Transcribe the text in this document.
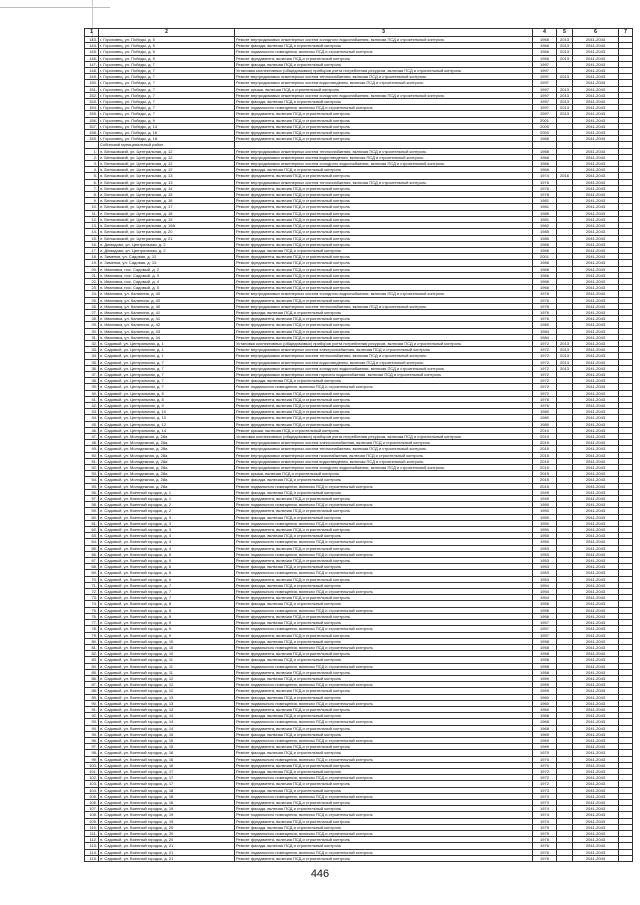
1	2	3	4	5	6	7
143.	г. Гороховец, ул. Победы, д. 5	Ремонт внутридомовых инженерных систем холодного водоснабжения, включая ПСД и строительный контроль	1966	2013	2041-2043	
144.	г. Гороховец, ул. Победы, д. 5	Ремонт фасада, включая ПСД и строительный контроль	1966	2013	2041-2043	
145.	г. Гороховец, ул. Победы, д. 5	Ремонт подвального помещения, включая ПСД и строительный контроль	1966	2013	2041-2043	
146.	г. Гороховец, ул. Победы, д. 5	Ремонт фундамента, включая ПСД и строительный контроль	1966	2013	2041-2043	
147.	г. Гороховец, ул. Победы, д. 7	Ремонт фасада, включая ПСД и строительный контроль	1997		2041-2043	
148.	г. Гороховец, ул. Победы, д. 7	Установка коллективных (общедомовых) приборов учета потребления ресурсов, включая ПСД и строительный контроль	1997		2041-2043	
149.	г. Гороховец, ул. Победы, д. 7	Ремонт внутридомовых инженерных систем теплоснабжения, включая ПСД и строительный контроль	1997	2013	2041-2043	
150.	г. Гороховец, ул. Победы, д. 7	Ремонт внутридомовых инженерных систем водоотведения, включая ПСД и строительный контроль	1997		2041-2043	
151.	г. Гороховец, ул. Победы, д. 7	Ремонт крыши, включая ПСД и строительный контроль	1997	2013	2041-2043	
152.	г. Гороховец, ул. Победы, д. 7	Ремонт внутридомовых инженерных систем холодного водоснабжения, включая ПСД и строительный контроль	1997	2013	2041-2043	
153.	г. Гороховец, ул. Победы, д. 7	Ремонт фасада, включая ПСД и строительный контроль	1997	2013	2041-2043	
154.	г. Гороховец, ул. Победы, д. 7	Ремонт подвального помещения, включая ПСД и строительный контроль	1997	2013	2041-2043	
155.	г. Гороховец, ул. Победы, д. 7	Ремонт фундамента, включая ПСД и строительный контроль	1997	2013	2041-2043	
156.	г. Гороховец, ул. Победы, д. 9	Ремонт фундамента, включая ПСД и строительный контроль	2001		2041-2043	
157.	г. Гороховец, ул. Победы, д. 14	Ремонт фундамента, включая ПСД и строительный контроль	2000		2041-2043	
158.	г. Гороховец, ул. Победы, д. 16	Ремонт фундамента, включая ПСД и строительный контроль	2000		2041-2043	
159.	г. Гороховец, ул. Победы, д. 18	Ремонт фундамента, включая ПСД и строительный контроль	1966		2041-2043	
	Собинский муниципальный район					
1.	п. Бельковский, ул. Центральная, д. 12	Ремонт внутридомовых инженерных систем теплоснабжения, включая ПСД и строительный контроль	1966		2041-2043	
2.	п. Бельковский, ул. Центральная, д. 12	Ремонт внутридомовых инженерных систем водоотведения, включая ПСД и строительный контроль	1966		2041-2043	
3.	п. Бельковский, ул. Центральная, д. 12	Ремонт внутридомовых инженерных систем холодного водоснабжения, включая ПСД и строительный контроль	1966		2041-2043	
4.	п. Бельковский, ул. Центральная, д. 12	Ремонт фасада, включая ПСД и строительный контроль	1966		2041-2043	
5.	п. Бельковский, ул. Центральная, д. 13	Ремонт фундамента, включая ПСД и строительный контроль	1974	2016	2041-2043	
6.	п. Бельковский, ул. Центральная, д. 13	Ремонт внутридомовых инженерных систем теплоснабжения, включая ПСД и строительный контроль	1976		2041-2043	
7.	п. Бельковский, ул. Центральная, д. 14	Ремонт фундамента, включая ПСД и строительный контроль	1976		2041-2043	
8.	п. Бельковский, ул. Центральная, д. 15	Ремонт фундамента, включая ПСД и строительный контроль	1978		2041-2043	
9.	п. Бельковский, ул. Центральная, д. 16	Ремонт фундамента, включая ПСД и строительный контроль	1981		2041-2043	
10.	п. Бельковский, ул. Центральная, д. 17	Ремонт фундамента, включая ПСД и строительный контроль	1981		2041-2043	
11.	п. Бельковский, ул. Центральная, д. 18	Ремонт фундамента, включая ПСД и строительный контроль	1985		2041-2043	
12.	п. Бельковский, ул. Центральная, д. 19	Ремонт фундамента, включая ПСД и строительный контроль	1981		2041-2043	
13.	п. Бельковский, ул. Центральная, д. 19А	Ремонт фундамента, включая ПСД и строительный контроль	1982		2041-2043	
14.	п. Бельковский, ул. Центральная, д. 20	Ремонт фундамента, включая ПСД и строительный контроль	1985		2041-2043	
15.	п. Бельковский, ул. Центральная, д. 21	Ремонт фундамента, включая ПСД и строительный контроль	1985		2041-2043	
16.	п. Демидово, ул. Центральная, д. 2	Ремонт фундамента, включая ПСД и строительный контроль	1966		2041-2043	
17.	п. Демидово, ул. Центральная, д. 2	Ремонт фасада, включая ПСД и строительный контроль	1966		2041-2043	
18.	п. Зименки, ул. Садовая, д. 12	Ремонт фундамента, включая ПСД и строительный контроль	2001		2041-2043	
19.	п. Зименки, ул. Садовая, д. 13	Ремонт фундамента, включая ПСД и строительный контроль	1966		2041-2043	
20.	п. Ивановка, пос. Садовый, д. 2	Ремонт фундамента, включая ПСД и строительный контроль	1966		2041-2043	
21.	п. Ивановка, пос. Садовый, д. 3	Ремонт фундамента, включая ПСД и строительный контроль	1966		2041-2043	
22.	п. Ивановка, пос. Садовый, д. 4	Ремонт фундамента, включая ПСД и строительный контроль	1966		2041-2043	
23.	п. Ивановка, пос. Садовый, д. 5	Ремонт фундамента, включая ПСД и строительный контроль	1966		2041-2043	
24.	п. Ивановка, ул. Калинина, д. 40	Ремонт внутридомовых инженерных систем холодного водоснабжения, включая ПСД и строительный контроль	1976		2041-2043	
25.	п. Ивановка, ул. Калинина, д. 40	Ремонт фундамента, включая ПСД и строительный контроль	1976		2041-2043	
26.	п. Ивановка, ул. Калинина, д. 40	Ремонт внутридомовых инженерных систем теплоснабжения, включая ПСД и строительный контроль	1976		2041-2043	
27.	п. Ивановка, ул. Калинина, д. 41	Ремонт фасада, включая ПСД и строительный контроль	1976		2041-2043	
28.	п. Ивановка, ул. Калинина, д. 41	Ремонт фундамента, включая ПСД и строительный контроль	1976		2041-2043	
29.	п. Ивановка, ул. Калинина, д. 42	Ремонт фундамента, включая ПСД и строительный контроль	1980		2041-2043	
30.	п. Ивановка, ул. Калинина, д. 43	Ремонт фундамента, включая ПСД и строительный контроль	1984		2041-2043	
31.	п. Ивановка, ул. Калинина, д. 44	Ремонт фундамента, включая ПСД и строительный контроль	1984		2041-2043	
32.	п. Садовый, ул. Центральная, д. 1	Установка коллективных (общедомовых) приборов учета потребления ресурсов, включая ПСД и строительный контроль	1972	2013	2041-2043	
33.	п. Садовый, ул. Центральная, д. 1	Ремонт внутридомовых инженерных систем электроснабжения, включая ПСД и строительный контроль	1972	2013	2041-2043	
34.	п. Садовый, ул. Центральная, д. 1	Ремонт внутридомовых инженерных систем теплоснабжения, включая ПСД и строительный контроль	1972	2013	2041-2043	
35.	п. Садовый, ул. Центральная, д. 7	Ремонт внутридомовых инженерных систем водоотведения, включая ПСД и строительный контроль	1972	2013	2041-2043	
36.	п. Садовый, ул. Центральная, д. 7	Ремонт внутридомовых инженерных систем холодного водоснабжения, включая ПСД и строительный контроль	1972	2013	2041-2043	
37.	п. Садовый, ул. Центральная, д. 7	Ремонт внутридомовых инженерных систем горячего водоснабжения, включая ПСД и строительный контроль	1972		2041-2043	
38.	п. Садовый, ул. Центральная, д. 7	Ремонт фасада, включая ПСД и строительный контроль	1972		2041-2043	
39.	п. Садовый, ул. Центральная, д. 7	Ремонт подвального помещения, включая ПСД и строительный контроль	1972		2041-2043	
40.	п. Садовый, ул. Центральная, д. 8	Ремонт фундамента, включая ПСД и строительный контроль	1972		2041-2043	
41.	п. Садовый, ул. Центральная, д. 8	Ремонт фундамента, включая ПСД и строительный контроль	1976		2041-2043	
42.	п. Садовый, ул. Центральная, д. 9	Ремонт фундамента, включая ПСД и строительный контроль	1976		2041-2043	
43.	п. Садовый, ул. Центральная, д. 10	Ремонт фундамента, включая ПСД и строительный контроль	1980		2041-2043	
44.	п. Садовый, ул. Центральная, д. 10	Ремонт фундамента, включая ПСД и строительный контроль	1980		2041-2043	
45.	п. Садовый, ул. Центральная, д. 12	Ремонт фундамента, включая ПСД и строительный контроль	1980		2041-2043	
46.	п. Садовый, ул. Центральная, д. 14	Ремонт крыши, включая ПСД и строительный контроль	2010		2041-2043	
47.	п. Садовый, ул. Молодежная, д. 28а	Установка коллективных (общедомовых) приборов учета потребления ресурсов, включая ПСД и строительный контроль	2010		2041-2043	
48.	п. Садовый, ул. Молодежная, д. 28а	Ремонт внутридомовых инженерных систем электроснабжения, включая ПСД и строительный контроль	2015		2041-2043	
49.	п. Садовый, ул. Молодежная, д. 28а	Ремонт внутридомовых инженерных систем теплоснабжения, включая ПСД и строительный контроль	2015		2041-2043	
50.	п. Садовый, ул. Молодежная, д. 28а	Ремонт внутридомовых инженерных систем газоснабжения, включая ПСД и строительный контроль	2015		2041-2043	
51.	п. Садовый, ул. Молодежная, д. 28а	Ремонт внутридомовых инженерных систем водоотведения, включая ПСД и строительный контроль	2015		2041-2043	
52.	п. Садовый, ул. Молодежная, д. 28а	Ремонт внутридомовых инженерных систем холодного водоснабжения, включая ПСД и строительный контроль	2015		2041-2043	
53.	п. Садовый, ул. Молодежная, д. 28а	Ремонт крыши, включая ПСД и строительный контроль	2015		2041-2043	
54.	п. Садовый, ул. Молодежная, д. 28а	Ремонт фасада, включая ПСД и строительный контроль	2015		2041-2043	
55.	п. Садовый, ул. Молодежная, д. 28а	Ремонт подвального помещения, включая ПСД и строительный контроль	2015		2041-2043	
56.	п. Садовый, ул. Военный городок, д. 1	Ремонт фасада, включая ПСД и строительный контроль	1949		2041-2043	
57.	п. Садовый, ул. Военный городок, д. 1	Ремонт фундамента, включая ПСД и строительный контроль	1949		2041-2043	
58.	п. Садовый, ул. Военный городок, д. 2	Ремонт подвального помещения, включая ПСД и строительный контроль	1950		2041-2043	
59.	п. Садовый, ул. Военный городок, д. 2	Ремонт фундамента, включая ПСД и строительный контроль	1950		2041-2043	
60.	п. Садовый, ул. Военный городок, д. 3	Ремонт фасада, включая ПСД и строительный контроль	1950		2041-2043	
61.	п. Садовый, ул. Военный городок, д. 3	Ремонт подвального помещения, включая ПСД и строительный контроль	1950		2041-2043	
62.	п. Садовый, ул. Военный городок, д. 3	Ремонт фундамента, включая ПСД и строительный контроль	1950		2041-2043	
63.	п. Садовый, ул. Военный городок, д. 4	Ремонт фасада, включая ПСД и строительный контроль	1950		2041-2043	
64.	п. Садовый, ул. Военный городок, д. 4	Ремонт подвального помещения, включая ПСД и строительный контроль	1950		2041-2043	
65.	п. Садовый, ул. Военный городок, д. 4	Ремонт фундамента, включая ПСД и строительный контроль	1953		2041-2043	
66.	п. Садовый, ул. Военный городок, д. 5	Ремонт подвального помещения, включая ПСД и строительный контроль	1953		2041-2043	
67.	п. Садовый, ул. Военный городок, д. 5	Ремонт фундамента, включая ПСД и строительный контроль	1953		2041-2043	
68.	п. Садовый, ул. Военный городок, д. 6	Ремонт фасада, включая ПСД и строительный контроль	1953		2041-2043	
69.	п. Садовый, ул. Военный городок, д. 6	Ремонт подвального помещения, включая ПСД и строительный контроль	1953		2041-2043	
70.	п. Садовый, ул. Военный городок, д. 6	Ремонт фундамента, включая ПСД и строительный контроль	1953		2041-2043	
71.	п. Садовый, ул. Военный городок, д. 7	Ремонт фасада, включая ПСД и строительный контроль	1954		2041-2043	
72.	п. Садовый, ул. Военный городок, д. 7	Ремонт подвального помещения, включая ПСД и строительный контроль	1954		2041-2043	
73.	п. Садовый, ул. Военный городок, д. 7	Ремонт фундамента, включая ПСД и строительный контроль	1954		2041-2043	
74.	п. Садовый, ул. Военный городок, д. 8	Ремонт фасада, включая ПСД и строительный контроль	1956		2041-2043	
75.	п. Садовый, ул. Военный городок, д. 8	Ремонт подвального помещения, включая ПСД и строительный контроль	1956		2041-2043	
76.	п. Садовый, ул. Военный городок, д. 8	Ремонт фундамента, включая ПСД и строительный контроль	1956		2041-2043	
77.	п. Садовый, ул. Военный городок, д. 9	Ремонт фасада, включая ПСД и строительный контроль	1957		2041-2043	
78.	п. Садовый, ул. Военный городок, д. 9	Ремонт подвального помещения, включая ПСД и строительный контроль	1957		2041-2043	
79.	п. Садовый, ул. Военный городок, д. 9	Ремонт фундамента, включая ПСД и строительный контроль	1957		2041-2043	
80.	п. Садовый, ул. Военный городок, д. 10	Ремонт фасада, включая ПСД и строительный контроль	1958		2041-2043	
81.	п. Садовый, ул. Военный городок, д. 10	Ремонт подвального помещения, включая ПСД и строительный контроль	1958		2041-2043	
82.	п. Садовый, ул. Военный городок, д. 10	Ремонт фундамента, включая ПСД и строительный контроль	1958		2041-2043	
83.	п. Садовый, ул. Военный городок, д. 11	Ремонт фасада, включая ПСД и строительный контроль	1958		2041-2043	
84.	п. Садовый, ул. Военный городок, д. 11	Ремонт подвального помещения, включая ПСД и строительный контроль	1958		2041-2043	
85.	п. Садовый, ул. Военный городок, д. 11	Ремонт фундамента, включая ПСД и строительный контроль	1958		2041-2043	
86.	п. Садовый, ул. Военный городок, д. 12	Ремонт фасада, включая ПСД и строительный контроль	1959		2041-2043	
87.	п. Садовый, ул. Военный городок, д. 12	Ремонт подвального помещения, включая ПСД и строительный контроль	1959		2041-2043	
88.	п. Садовый, ул. Военный городок, д. 12	Ремонт фундамента, включая ПСД и строительный контроль	1959		2041-2043	
89.	п. Садовый, ул. Военный городок, д. 13	Ремонт фасада, включая ПСД и строительный контроль	1960		2041-2043	
90.	п. Садовый, ул. Военный городок, д. 13	Ремонт подвального помещения, включая ПСД и строительный контроль	1960		2041-2043	
91.	п. Садовый, ул. Военный городок, д. 13	Ремонт фундамента, включая ПСД и строительный контроль	1960		2041-2043	
92.	п. Садовый, ул. Военный городок, д. 14	Ремонт фасада, включая ПСД и строительный контроль	1968		2041-2043	
93.	п. Садовый, ул. Военный городок, д. 14	Ремонт подвального помещения, включая ПСД и строительный контроль	1968		2041-2043	
94.	п. Садовый, ул. Военный городок, д. 14	Ремонт фундамента, включая ПСД и строительный контроль	1968		2041-2043	
95.	п. Садовый, ул. Военный городок, д. 15	Ремонт фасада, включая ПСД и строительный контроль	1969		2041-2043	
96.	п. Садовый, ул. Военный городок, д. 15	Ремонт подвального помещения, включая ПСД и строительный контроль	1969		2041-2043	
97.	п. Садовый, ул. Военный городок, д. 15	Ремонт фундамента, включая ПСД и строительный контроль	1969		2041-2043	
98.	п. Садовый, ул. Военный городок, д. 16	Ремонт фасада, включая ПСД и строительный контроль	1970		2041-2043	
99.	п. Садовый, ул. Военный городок, д. 16	Ремонт подвального помещения, включая ПСД и строительный контроль	1970		2041-2043	
100.	п. Садовый, ул. Военный городок, д. 16	Ремонт фундамента, включая ПСД и строительный контроль	1970		2041-2043	
101.	п. Садовый, ул. Военный городок, д. 17	Ремонт фасада, включая ПСД и строительный контроль	1972		2041-2043	
102.	п. Садовый, ул. Военный городок, д. 17	Ремонт подвального помещения, включая ПСД и строительный контроль	1972		2041-2043	
103.	п. Садовый, ул. Военный городок, д. 17	Ремонт фундамента, включая ПСД и строительный контроль	1972		2041-2043	
104.	п. Садовый, ул. Военный городок, д. 18	Ремонт фасада, включая ПСД и строительный контроль	1973		2041-2043	
105.	п. Садовый, ул. Военный городок, д. 18	Ремонт подвального помещения, включая ПСД и строительный контроль	1973		2041-2043	
106.	п. Садовый, ул. Военный городок, д. 18	Ремонт фундамента, включая ПСД и строительный контроль	1973		2041-2043	
107.	п. Садовый, ул. Военный городок, д. 19	Ремонт фасада, включая ПСД и строительный контроль	1974		2041-2043	
108.	п. Садовый, ул. Военный городок, д. 19	Ремонт подвального помещения, включая ПСД и строительный контроль	1974		2041-2043	
109.	п. Садовый, ул. Военный городок, д. 19	Ремонт фундамента, включая ПСД и строительный контроль	1974		2041-2043	
110.	п. Садовый, ул. Военный городок, д. 20	Ремонт фасада, включая ПСД и строительный контроль	1975		2041-2043	
111.	п. Садовый, ул. Военный городок, д. 20	Ремонт подвального помещения, включая ПСД и строительный контроль	1975		2041-2043	
112.	п. Садовый, ул. Военный городок, д. 20	Ремонт фундамента, включая ПСД и строительный контроль	1975		2041-2043	
113.	п. Садовый, ул. Военный городок, д. 21	Ремонт фасада, включая ПСД и строительный контроль	1976		2041-2043	
114.	п. Садовый, ул. Военный городок, д. 21	Ремонт подвального помещения, включая ПСД и строительный контроль	1976		2041-2043	
115.	п. Садовый, ул. Военный городок, д. 21	Ремонт фундамента, включая ПСД и строительный контроль	1976		2041-2043	
446
